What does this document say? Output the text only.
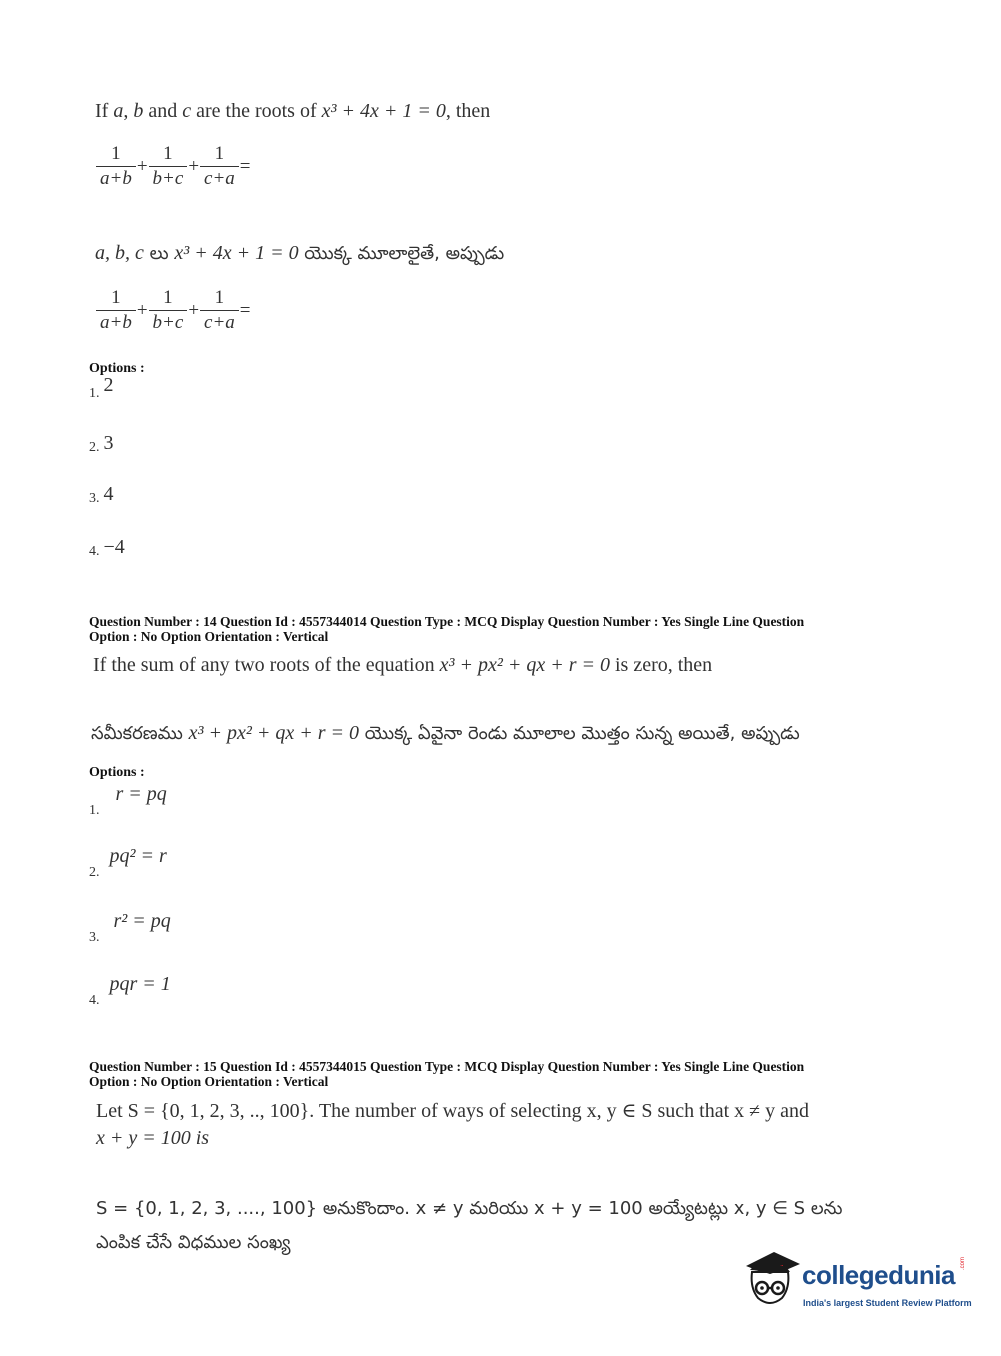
If a, b and c are the roots of x³ + 4x + 1 = 0, then
$\frac{1}{a+b} + \frac{1}{b+c} + \frac{1}{c+a}$ =
a, b, c లు x³ + 4x + 1 = 0 యొక్క మూలాలైతే, అప్పుడు
$\frac{1}{a+b} + \frac{1}{b+c} + \frac{1}{c+a}$ =
Options :
1. 2
2. 3
3. 4
4. −4
Question Number : 14 Question Id : 4557344014 Question Type : MCQ Display Question Number : Yes Single Line Question
Option : No Option Orientation : Vertical
If the sum of any two roots of the equation x³ + px² + qx + r = 0 is zero, then
సమీకరణము x³ + px² + qx + r = 0 యొక్క ఏవైనా రెండు మూలాల మొత్తం సున్న అయితే, అప్పుడు
Options :
1. r = pq
2. pq² = r
3. r² = pq
4. pqr = 1
Question Number : 15 Question Id : 4557344015 Question Type : MCQ Display Question Number : Yes Single Line Question
Option : No Option Orientation : Vertical
Let S = {0, 1, 2, 3, .., 100}. The number of ways of selecting x, y ∈ S such that x ≠ y and
x + y = 100 is
S = {0, 1, 2, 3, ...., 100} అనుకొందాం. x ≠ y మరియు x + y = 100 అయ్యేటట్లు x, y ∈ S లను
ఎంపిక చేసే విధముల సంఖ్య
collegedunia .com
India's largest Student Review Platform
